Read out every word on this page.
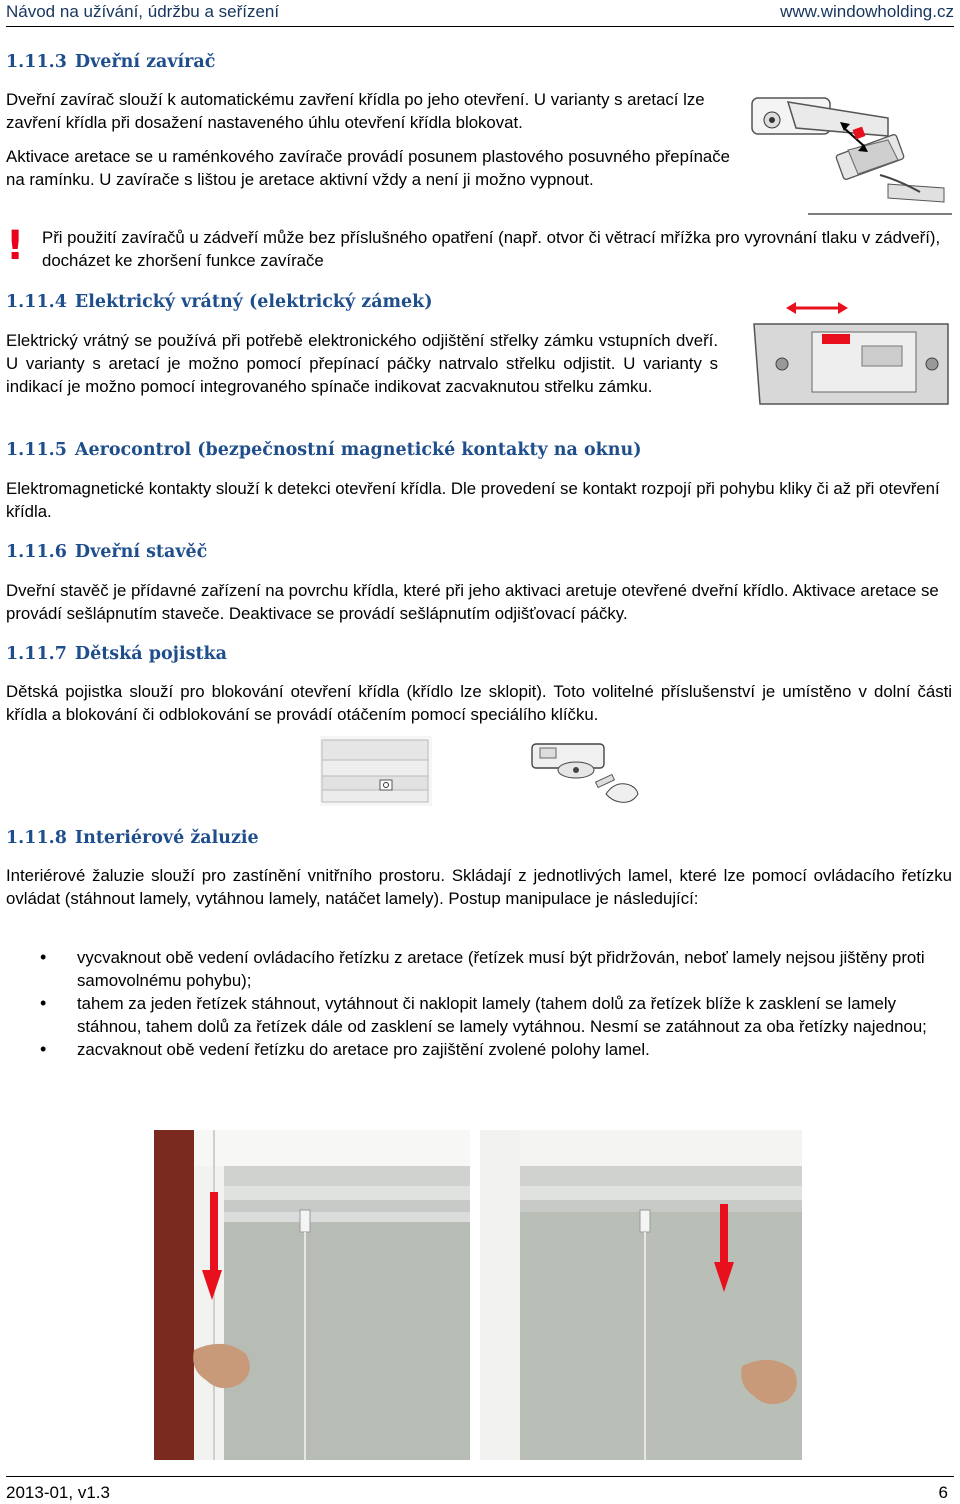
Návod na užívání, údržbu a seřízení	www.windowholding.cz
1.11.3 Dveřní zavírač
Dveřní zavírač slouží k automatickému zavření křídla po jeho otevření. U varianty s aretací lze zavření křídla při dosažení nastaveného úhlu otevření křídla blokovat.
Aktivace aretace se u raménkového zavírače provádí posunem plastového posuvného přepínače na ramínku. U zavírače s lištou je aretace aktivní vždy a není ji možno vypnout.
! Při použití zavíračů u zádveří může bez příslušného opatření (např. otvor či větrací mřížka pro vyrovnání tlaku v zádveří), docházet ke zhoršení funkce zavírače
1.11.4 Elektrický vrátný (elektrický zámek)
Elektrický vrátný se používá při potřebě elektronického odjištění střelky zámku vstupních dveří. U varianty s aretací je možno pomocí přepínací páčky natrvalo střelku odjistit. U varianty s indikací je možno pomocí integrovaného spínače indikovat zacvaknutou střelku zámku.
1.11.5 Aerocontrol (bezpečnostní magnetické kontakty na oknu)
Elektromagnetické kontakty slouží k detekci otevření křídla. Dle provedení se kontakt rozpojí při pohybu kliky či až při otevření křídla.
1.11.6 Dveřní stavěč
Dveřní stavěč je přídavné zařízení na povrchu křídla, které při jeho aktivaci aretuje otevřené dveřní křídlo. Aktivace aretace se provádí sešlápnutím staveče. Deaktivace se provádí sešlápnutím odjišťovací páčky.
1.11.7 Dětská pojistka
Dětská pojistka slouží pro blokování otevření křídla (křídlo lze sklopit). Toto volitelné příslušenství je umístěno v dolní části křídla a blokování či odblokování se provádí otáčením pomocí speciálího klíčku.
1.11.8 Interiérové žaluzie
Interiérové žaluzie slouží pro zastínění vnitřního prostoru. Skládají z jednotlivých lamel, které lze pomocí ovládacího řetízku ovládat (stáhnout lamely, vytáhnou lamely, natáčet lamely). Postup manipulace je následující:
• vycvaknout obě vedení ovládacího řetízku z aretace (řetízek musí být přidržován, neboť lamely nejsou jištěny proti samovolnému pohybu);
• tahem za jeden řetízek stáhnout, vytáhnout či naklopit lamely (tahem dolů za řetízek blíže k zasklení se lamely stáhnou, tahem dolů za řetízek dále od zasklení se lamely vytáhnou. Nesmí se zatáhnout za oba řetízky najednou;
• zacvaknout obě vedení řetízku do aretace pro zajištění zvolené polohy lamel.
2013-01, v1.3	6
